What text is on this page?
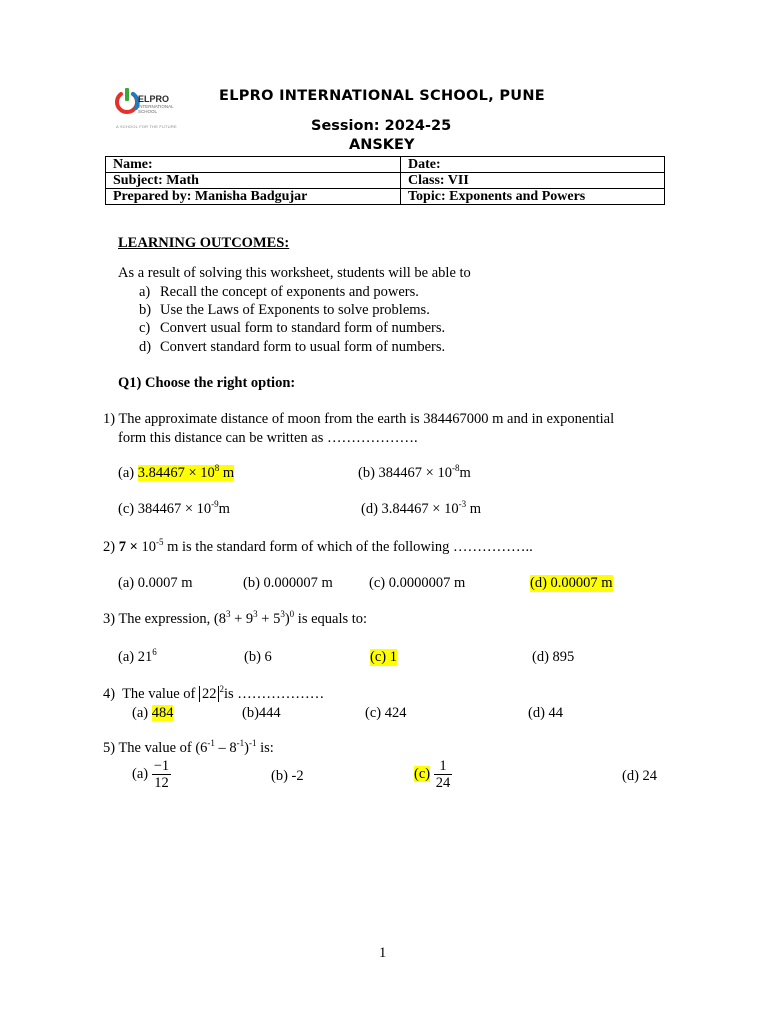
ELPRO
INTERNATIONAL
SCHOOL
A SCHOOL FOR THE FUTURE
ELPRO INTERNATIONAL SCHOOL, PUNE
Session: 2024-25
ANSKEY
Name:	Date:
Subject: Math	Class: VII
Prepared by: Manisha Badgujar	Topic: Exponents and Powers
LEARNING OUTCOMES:
As a result of solving this worksheet, students will be able to
a) Recall the concept of exponents and powers.
b) Use the Laws of Exponents to solve problems.
c) Convert usual form to standard form of numbers.
d) Convert standard form to usual form of numbers.
Q1) Choose the right option:
1) The approximate distance of moon from the earth is 384467000 m and in exponential
form this distance can be written as ……………….
(a) $3.84467 \times 10^8$ m	(b) $384467 \times 10^{-8}m$
(c) $384467 \times 10^{-9}m$	(d) $3.84467 \times 10^{-3}$ m
2) $7 \times 10^{-5}$ m is the standard form of which of the following ……………..
(a) 0.0007 m	(b) 0.000007 m (c) 0.0000007 m	(d) 0.00007 m
3) The expression, $(8^3 + 9^3 + 5^3)^0$ is equals to:
(a) $21^6$	(b) 6	(c) 1	(d) 895
4)  The value of 22 $^2$is ………………
(a) 484	(b)444	(c) 424	(d) 44
5) The value of $(6^{-1} - 8^{-1})^{-1}$ is:
$(a) \frac{-1}{12}$	(b) -2	$(c) \frac{1}{24}$	(d) 24
1
